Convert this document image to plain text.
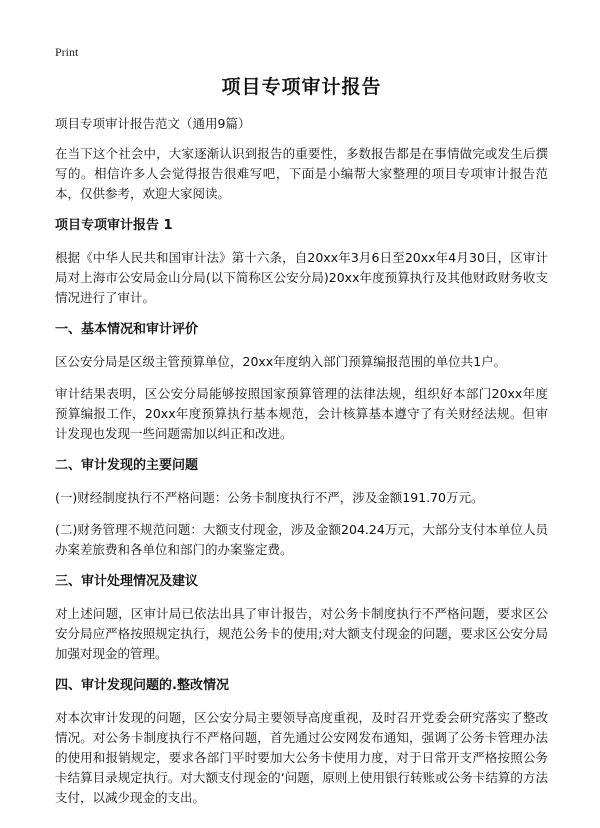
Print
项目专项审计报告
项目专项审计报告范文（通用9篇）

在当下这个社会中，大家逐渐认识到报告的重要性，多数报告都是在事情做完或发生后撰写的。相信许多人会觉得报告很难写吧，下面是小编帮大家整理的项目专项审计报告范本，仅供参考，欢迎大家阅读。

项目专项审计报告 1

根据《中华人民共和国审计法》第十六条，自20xx年3月6日至20xx年4月30日，区审计局对上海市公安局金山分局(以下简称区公安分局)20xx年度预算执行及其他财政财务收支情况进行了审计。

一、基本情况和审计评价

区公安分局是区级主管预算单位，20xx年度纳入部门预算编报范围的单位共1户。

审计结果表明，区公安分局能够按照国家预算管理的法律法规，组织好本部门20xx年度预算编报工作，20xx年度预算执行基本规范，会计核算基本遵守了有关财经法规。但审计发现也发现一些问题需加以纠正和改进。

二、审计发现的主要问题

(一)财经制度执行不严格问题：公务卡制度执行不严，涉及金额191.70万元。

(二)财务管理不规范问题：大额支付现金，涉及金额204.24万元，大部分支付本单位人员办案差旅费和各单位和部门的办案鉴定费。

三、审计处理情况及建议

对上述问题，区审计局已依法出具了审计报告，对公务卡制度执行不严格问题，要求区公安分局应严格按照规定执行，规范公务卡的使用;对大额支付现金的问题，要求区公安分局加强对现金的管理。

四、审计发现问题的.整改情况

对本次审计发现的问题，区公安分局主要领导高度重视，及时召开党委会研究落实了整改情况。对公务卡制度执行不严格问题，首先通过公安网发布通知，强调了公务卡管理办法的使用和报销规定，要求各部门平时要加大公务卡使用力度，对于日常开支严格按照公务卡结算目录规定执行。对大额支付现金的‘问题，原则上使用银行转账或公务卡结算的方法支付，以减少现金的支出。
